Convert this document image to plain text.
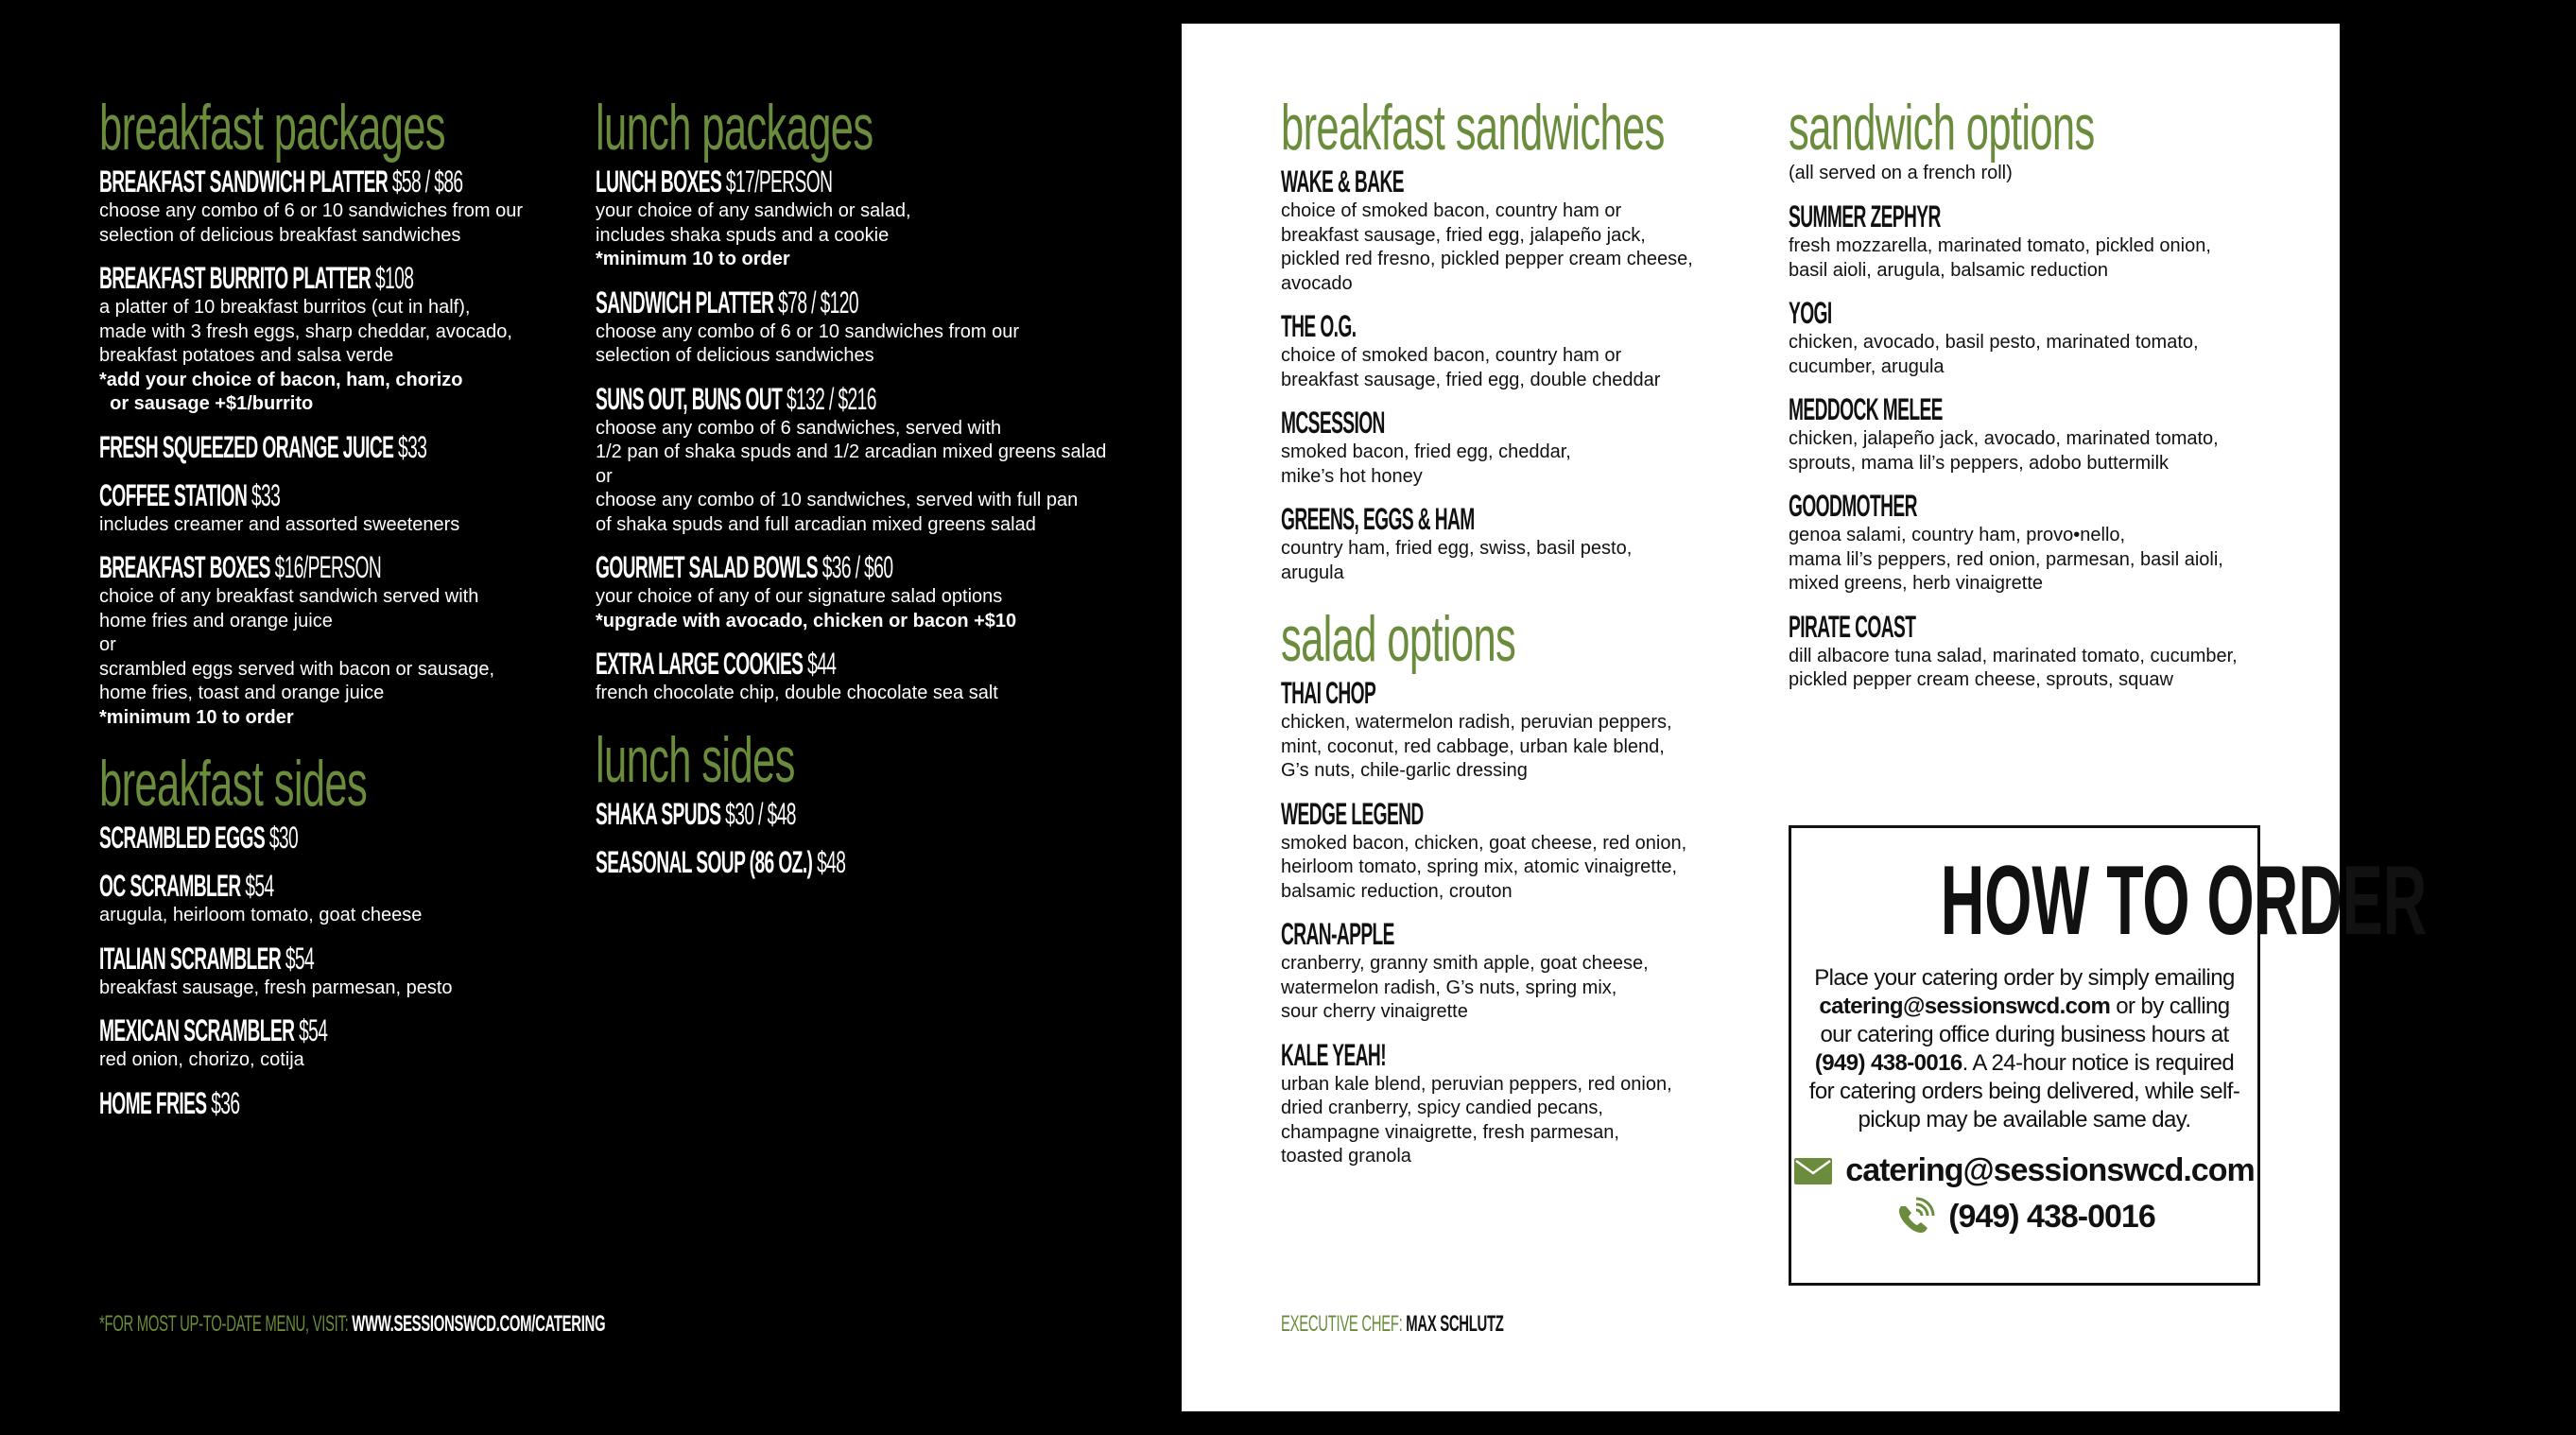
breakfast packages
BREAKFAST SANDWICH PLATTER $58 / $86
choose any combo of 6 or 10 sandwiches from our
selection of delicious breakfast sandwiches
BREAKFAST BURRITO PLATTER $108
a platter of 10 breakfast burritos (cut in half),
made with 3 fresh eggs, sharp cheddar, avocado,
breakfast potatoes and salsa verde
*add your choice of bacon, ham, chorizo
or sausage +$1/burrito
FRESH SQUEEZED ORANGE JUICE $33
COFFEE STATION $33
includes creamer and assorted sweeteners
BREAKFAST BOXES $16/PERSON
choice of any breakfast sandwich served with
home fries and orange juice
or
scrambled eggs served with bacon or sausage,
home fries, toast and orange juice
*minimum 10 to order
breakfast sides
SCRAMBLED EGGS $30
OC SCRAMBLER $54
arugula, heirloom tomato, goat cheese
ITALIAN SCRAMBLER $54
breakfast sausage, fresh parmesan, pesto
MEXICAN SCRAMBLER $54
red onion, chorizo, cotija
HOME FRIES $36
lunch packages
LUNCH BOXES $17/PERSON
your choice of any sandwich or salad,
includes shaka spuds and a cookie
*minimum 10 to order
SANDWICH PLATTER $78 / $120
choose any combo of 6 or 10 sandwiches from our
selection of delicious sandwiches
SUNS OUT, BUNS OUT $132 / $216
choose any combo of 6 sandwiches, served with
1/2 pan of shaka spuds and 1/2 arcadian mixed greens salad
or
choose any combo of 10 sandwiches, served with full pan
of shaka spuds and full arcadian mixed greens salad
GOURMET SALAD BOWLS $36 / $60
your choice of any of our signature salad options
*upgrade with avocado, chicken or bacon +$10
EXTRA LARGE COOKIES $44
french chocolate chip, double chocolate sea salt
lunch sides
SHAKA SPUDS $30 / $48
SEASONAL SOUP (86 OZ.) $48
breakfast sandwiches
WAKE & BAKE
choice of smoked bacon, country ham or
breakfast sausage, fried egg, jalapeño jack,
pickled red fresno, pickled pepper cream cheese,
avocado
THE O.G.
choice of smoked bacon, country ham or
breakfast sausage, fried egg, double cheddar
MCSESSION
smoked bacon, fried egg, cheddar,
mike’s hot honey
GREENS, EGGS & HAM
country ham, fried egg, swiss, basil pesto,
arugula
salad options
THAI CHOP
chicken, watermelon radish, peruvian peppers,
mint, coconut, red cabbage, urban kale blend,
G’s nuts, chile-garlic dressing
WEDGE LEGEND
smoked bacon, chicken, goat cheese, red onion,
heirloom tomato, spring mix, atomic vinaigrette,
balsamic reduction, crouton
CRAN-APPLE
cranberry, granny smith apple, goat cheese,
watermelon radish, G’s nuts, spring mix,
sour cherry vinaigrette
KALE YEAH!
urban kale blend, peruvian peppers, red onion,
dried cranberry, spicy candied pecans,
champagne vinaigrette, fresh parmesan,
toasted granola
sandwich options
(all served on a french roll)
SUMMER ZEPHYR
fresh mozzarella, marinated tomato, pickled onion,
basil aioli, arugula, balsamic reduction
YOGI
chicken, avocado, basil pesto, marinated tomato,
cucumber, arugula
MEDDOCK MELEE
chicken, jalapeño jack, avocado, marinated tomato,
sprouts, mama lil’s peppers, adobo buttermilk
GOODMOTHER
genoa salami, country ham, provo•nello,
mama lil’s peppers, red onion, parmesan, basil aioli,
mixed greens, herb vinaigrette
PIRATE COAST
dill albacore tuna salad, marinated tomato, cucumber,
pickled pepper cream cheese, sprouts, squaw
HOW TO ORDER
Place your catering order by simply emailing catering@sessionswcd.com or by calling our catering office during business hours at (949) 438-0016. A 24-hour notice is required for catering orders being delivered, while self-pickup may be available same day.
catering@sessionswcd.com
(949) 438-0016
*FOR MOST UP-TO-DATE MENU, VISIT: WWW.SESSIONSWCD.COM/CATERING	EXECUTIVE CHEF: MAX SCHLUTZ
